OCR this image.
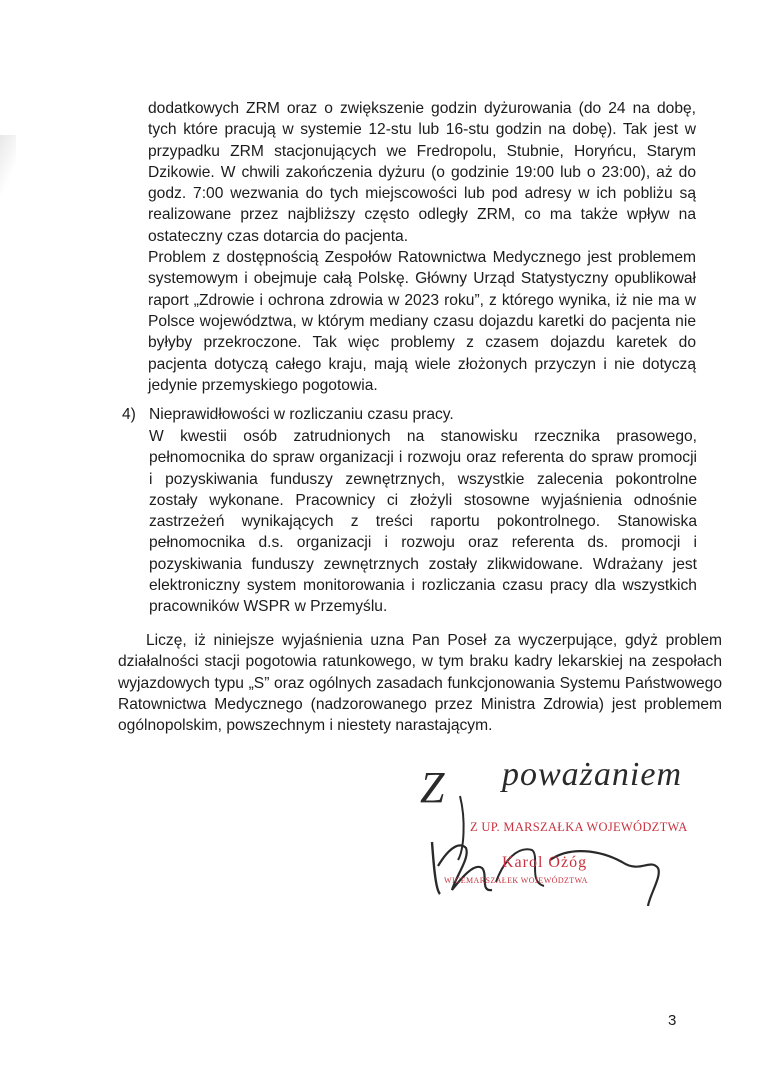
dodatkowych ZRM oraz o zwiększenie godzin dyżurowania (do 24 na dobę, tych które pracują w systemie 12-stu lub 16-stu godzin na dobę). Tak jest w przypadku ZRM stacjonujących we Fredropolu, Stubnie, Horyńcu, Starym Dzikowie. W chwili zakończenia dyżuru (o godzinie 19:00 lub o 23:00), aż do godz. 7:00 wezwania do tych miejscowości lub pod adresy w ich pobliżu są realizowane przez najbliższy często odległy ZRM, co ma także wpływ na ostateczny czas dotarcia do pacjenta.

Problem z dostępnością Zespołów Ratownictwa Medycznego jest problemem systemowym i obejmuje całą Polskę. Główny Urząd Statystyczny opublikował raport „Zdrowie i ochrona zdrowia w 2023 roku”, z którego wynika, iż nie ma w Polsce województwa, w którym mediany czasu dojazdu karetki do pacjenta nie byłyby przekroczone. Tak więc problemy z czasem dojazdu karetek do pacjenta dotyczą całego kraju, mają wiele złożonych przyczyn i nie dotyczą jedynie przemyskiego pogotowia.

4) Nieprawidłowości w rozliczaniu czasu pracy.

W kwestii osób zatrudnionych na stanowisku rzecznika prasowego, pełnomocnika do spraw organizacji i rozwoju oraz referenta do spraw promocji i pozyskiwania funduszy zewnętrznych, wszystkie zalecenia pokontrolne zostały wykonane. Pracownicy ci złożyli stosowne wyjaśnienia odnośnie zastrzeżeń wynikających z treści raportu pokontrolnego. Stanowiska pełnomocnika d.s. organizacji i rozwoju oraz referenta ds. promocji i pozyskiwania funduszy zewnętrznych zostały zlikwidowane. Wdrażany jest elektroniczny system monitorowania i rozliczania czasu pracy dla wszystkich pracowników WSPR w Przemyślu.

Liczę, iż niniejsze wyjaśnienia uzna Pan Poseł za wyczerpujące, gdyż problem działalności stacji pogotowia ratunkowego, w tym braku kadry lekarskiej na zespołach wyjazdowych typu „S” oraz ogólnych zasadach funkcjonowania Systemu Państwowego Ratownictwa Medycznego (nadzorowanego przez Ministra Zdrowia) jest problemem ogólnopolskim, powszechnym i niestety narastającym.

Z poważaniem
Z UP. MARSZAŁKA WOJEWÓDZTWA
Karol Ożóg
WICEMARSZAŁEK WOJEWÓDZTWA
3
